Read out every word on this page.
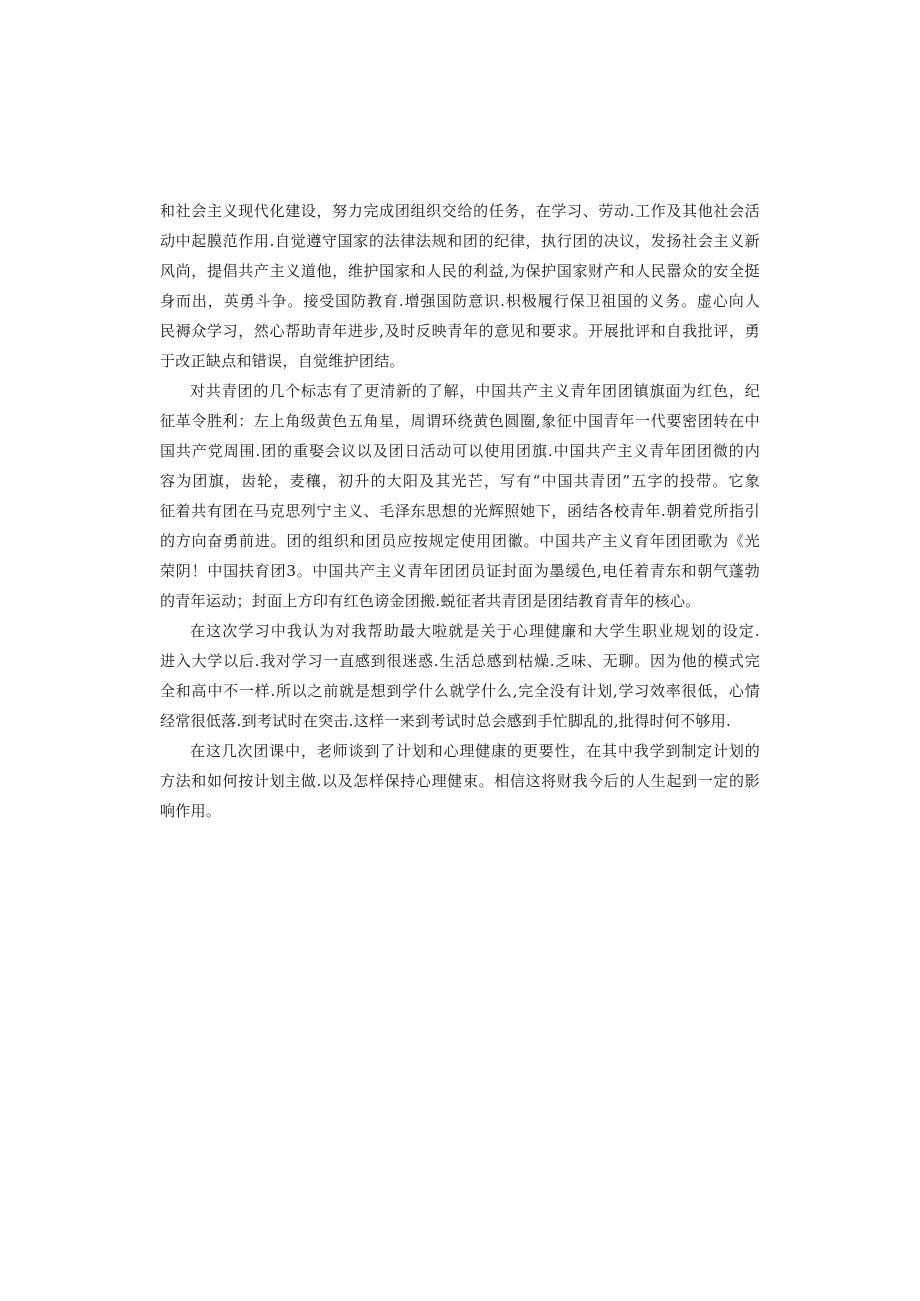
和社会主义现代化建设，努力完成团组织交给的任务，在学习、劳动.工作及其他社会活
动中起膜范作用.自觉遵守国家的法律法规和团的纪律，执行团的决议，发扬社会主义新
风尚，提倡共产主义道他，维护国家和人民的利益,为保护国家财产和人民嚣众的安全挺
身而出，英勇斗争。接受国防教育.增强国防意识.枳极履行保卫祖国的义务。虚心向人
民褥众学习，然心帮助青年进步,及时反映青年的意见和要求。开展批评和自我批评，勇
于改正缺点和错误，自觉维护团结。
对共青团的几个标志有了更清新的了解，中国共产主义青年团团镇旗面为红色，纪
征革令胜利：左上角级黄色五角星，周谓环绕黄色圆圈,象征中国青年一代要密团转在中
国共产党周围.团的重娶会议以及团日活动可以使用团旗.中国共产主义青年团团微的内
容为团旗，齿轮，麦穰，初升的大阳及其光芒，写有“中国共青团”五字的投带。它象
征着共有团在马克思列宁主义、毛泽东思想的光辉照她下，函结各校青年.朝着党所指引
的方向奋勇前进。团的组织和团员应按规定使用团徽。中国共产主义育年团团歌为《光
荣阴！中国扶育团3。中国共产主义青年团团员证封面为墨缓色,电任着青东和朝气蓬勃
的青年运动；封面上方印有红色谤金团搬.蜕征者共青团是团结教育青年的核心。
在这次学习中我认为对我帮助最大啦就是关于心理健廉和大学生职业规划的设定.
进入大学以后.我对学习一直感到很迷惑.生活总感到枯燥.乏味、无聊。因为他的模式完
全和高中不一样.所以之前就是想到学什么就学什么,完全没有计划,学习效率很低，心情
经常很低落.到考试时在突击.这样一来到考试时总会感到手忙脚乱的,批得时何不够用.
在这几次团课中，老师谈到了计划和心理健康的更要性，在其中我学到制定计划的
方法和如何按计划主做.以及怎样保持心理健束。相信这将财我今后的人生起到一定的影
响作用。
